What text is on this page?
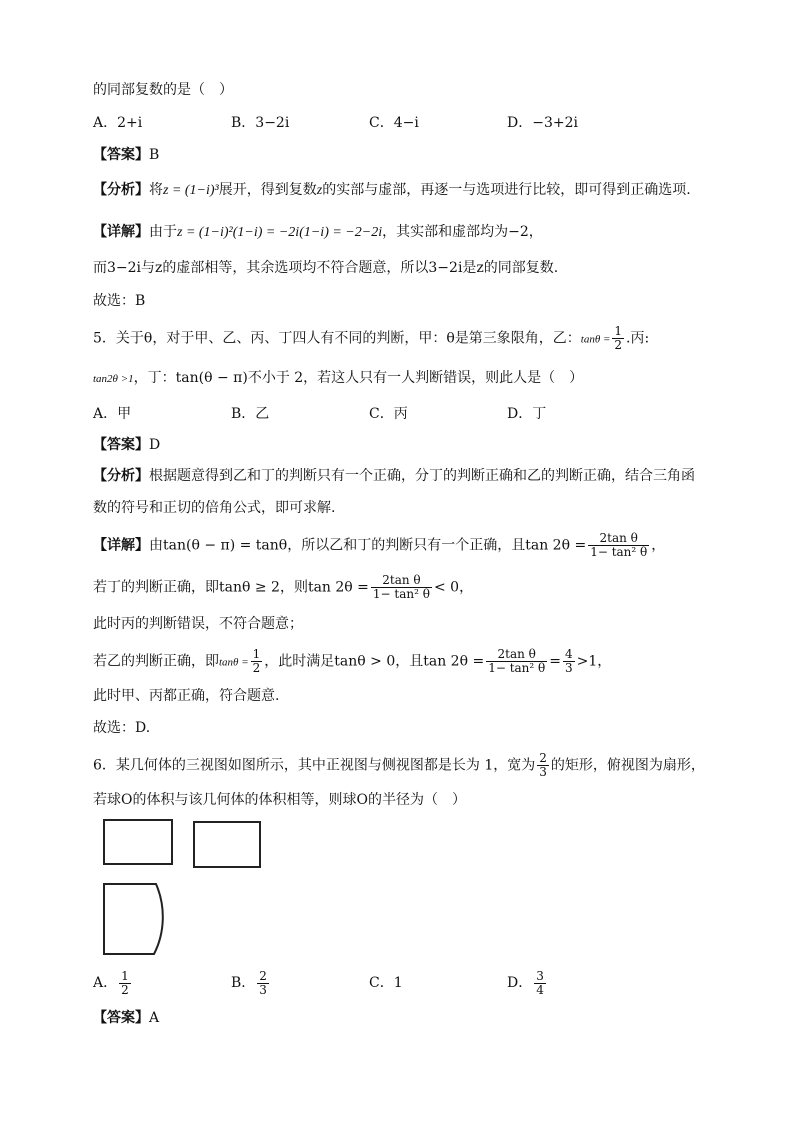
的同部复数的是（　）
A．2+i	B．3−2i	C．4−i	D．−3+2i
【答案】B
【分析】将z = (1−i)³展开，得到复数z的实部与虚部，再逐一与选项进行比较，即可得到正确选项.
【详解】由于z = (1−i)²(1−i) = −2i(1−i) = −2−2i，其实部和虚部均为−2，
而3−2i与z的虚部相等，其余选项均不符合题意，所以3−2i是z的同部复数.
故选：B
5．关于θ，对于甲、乙、丙、丁四人有不同的判断，甲：θ是第三象限角，乙：$\tan\theta = \frac{1}{2}$ .丙:
tan2θ >1，丁：tan(θ − π)不小于 2，若这人只有一人判断错误，则此人是（　）
A．甲	B．乙	C．丙	D．丁
【答案】D
【分析】根据题意得到乙和丁的判断只有一个正确，分丁的判断正确和乙的判断正确，结合三角函
数的符号和正切的倍角公式，即可求解.
【详解】由tan(θ − π) = tanθ，所以乙和丁的判断只有一个正确，且$\tan 2\theta = \frac{\text{2tan θ}}{\text{1− tan² θ}}$ ，
若丁的判断正确，即tanθ ≥ 2，则$\tan 2\theta = \frac{\text{2tan θ}}{\text{1− tan² θ}} < 0$，
此时丙的判断错误，不符合题意；
若乙的判断正确，即$\tan\theta = \frac{1}{2}$ ，此时满足tanθ > 0，且$\tan 2\theta = \frac{\text{2tan θ}}{\text{1− tan² θ}} = \frac{4}{3} >1$，
此时甲、丙都正确，符合题意.
故选：D.
6．某几何体的三视图如图所示，其中正视图与侧视图都是长为 1，宽为 $\frac{2}{3}$ 的矩形，俯视图为扇形，
若球O的体积与该几何体的体积相等，则球O的半径为（　）
A． $\frac{1}{2}$	B． $\frac{2}{3}$	C．1	D． $\frac{3}{4}$
【答案】A
